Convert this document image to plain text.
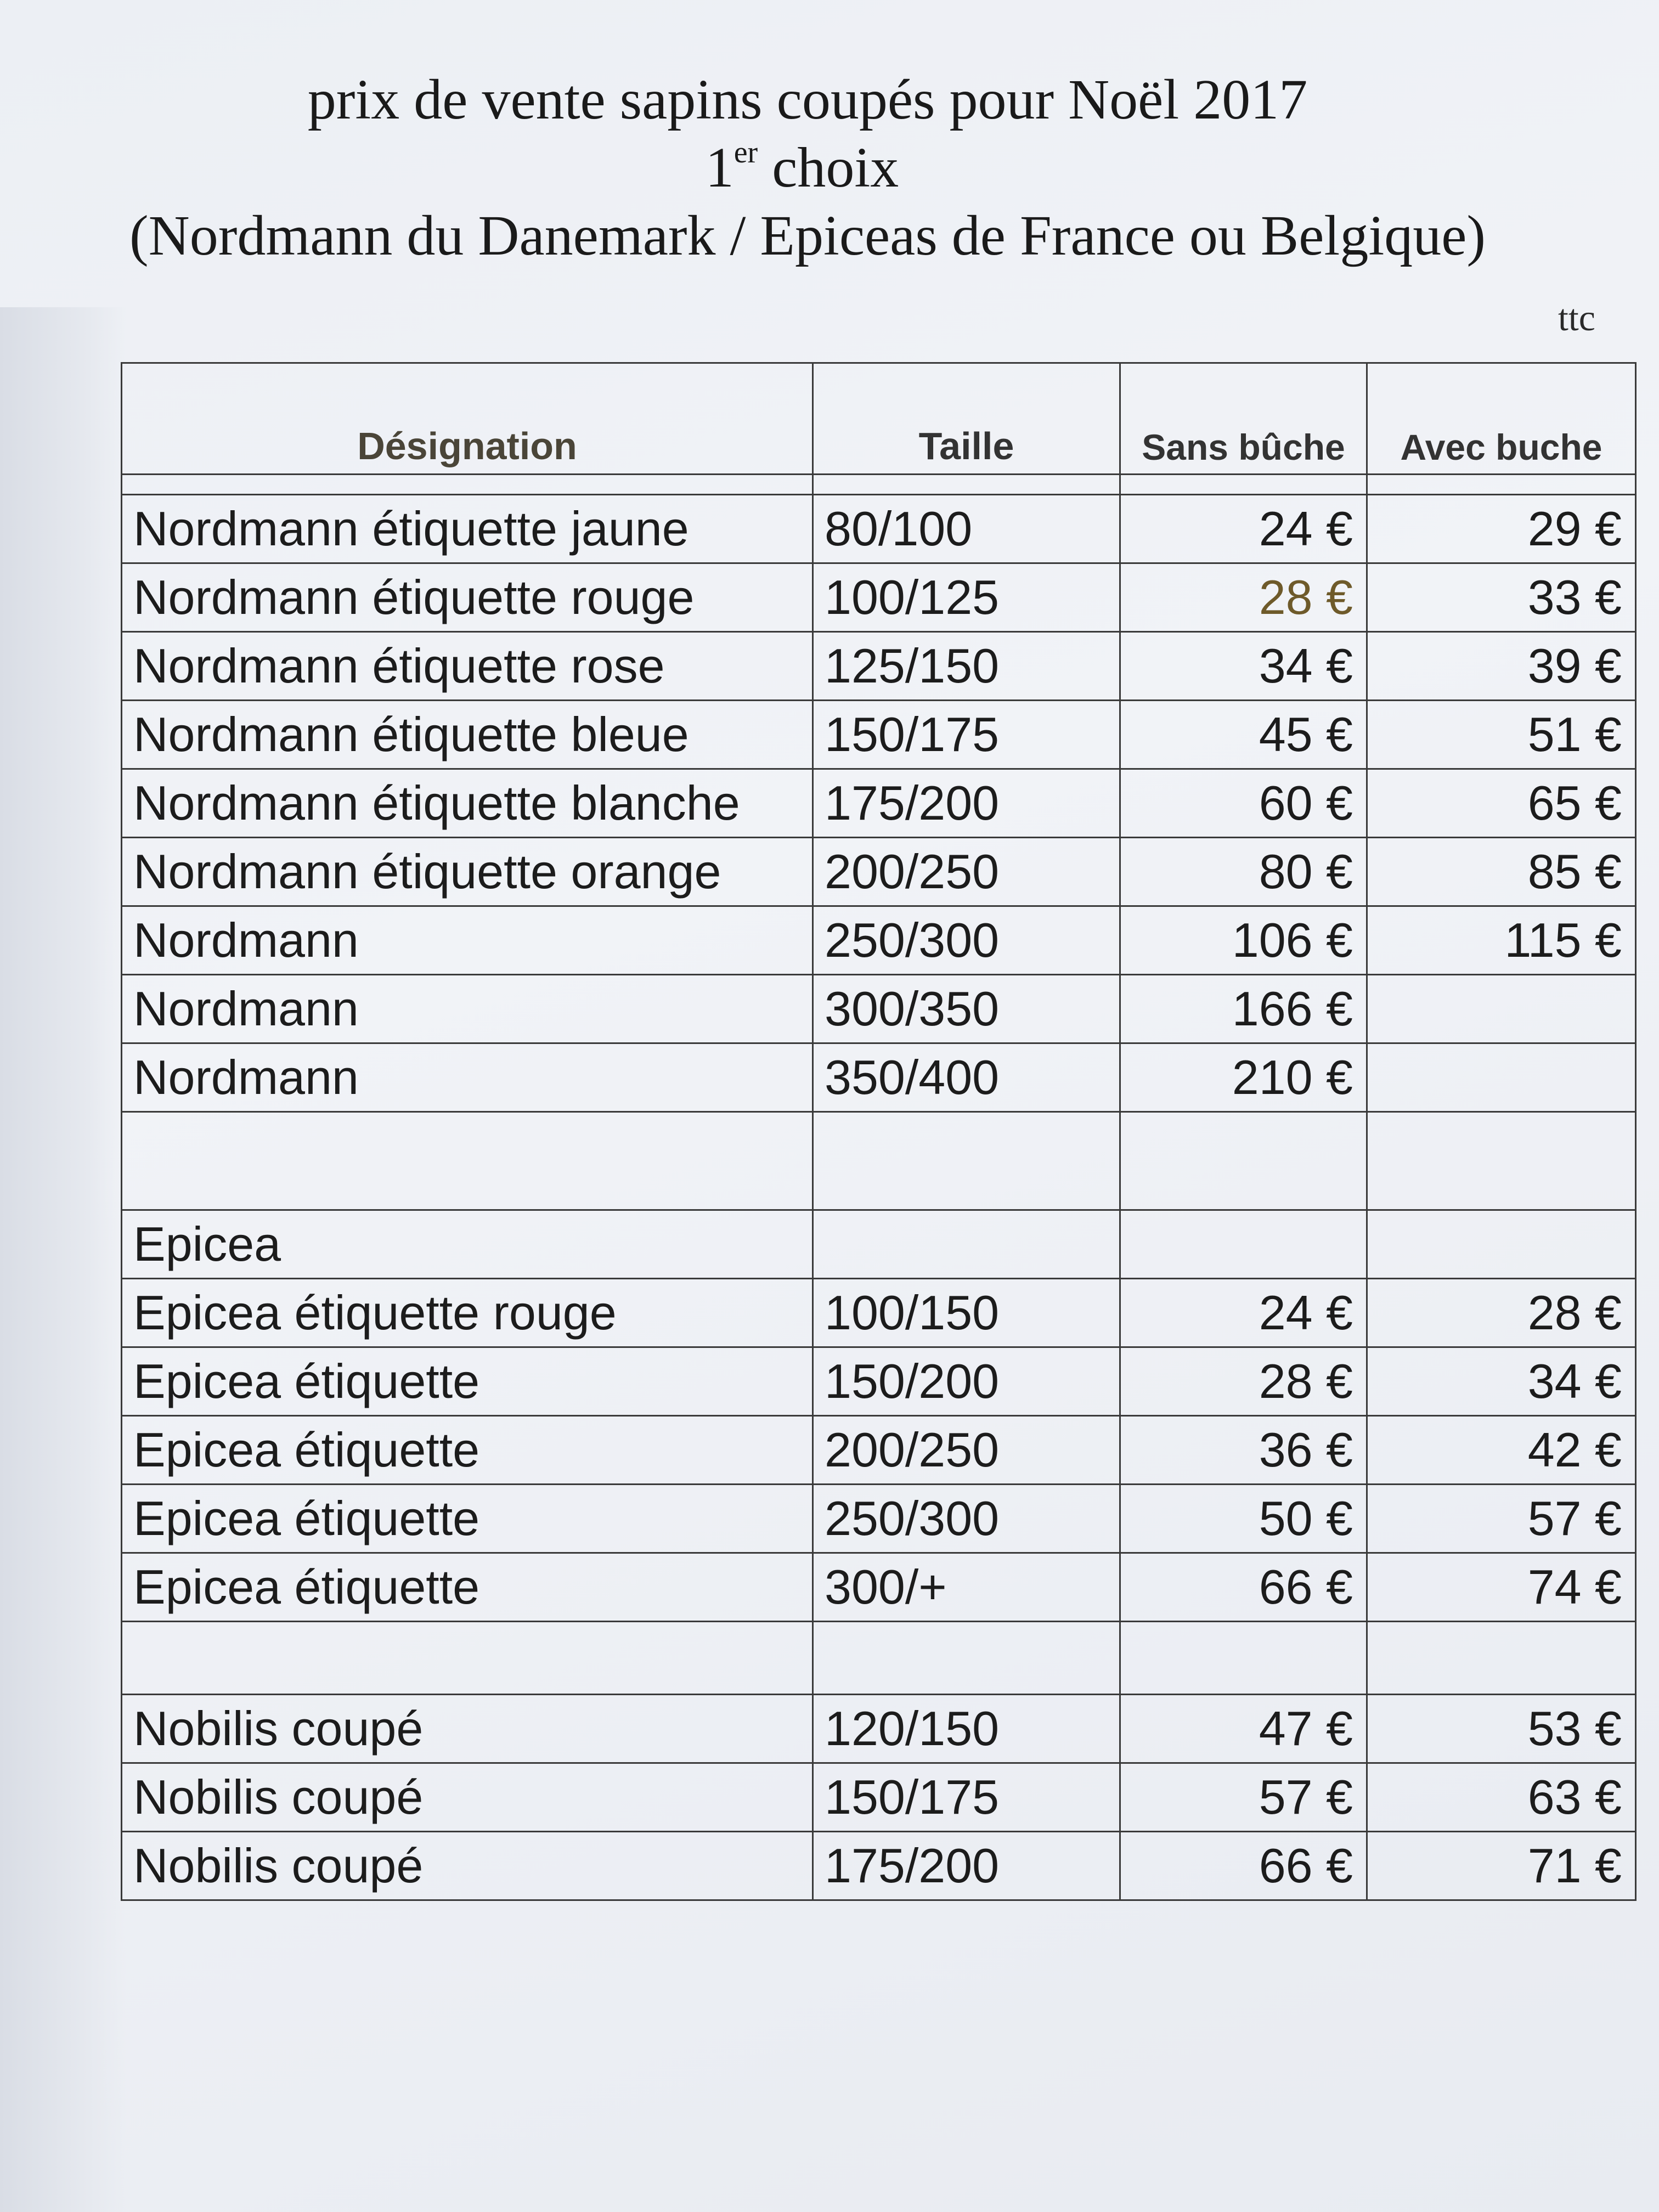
prix de vente sapins coupés pour Noël 2017
1er choix
(Nordmann du Danemark / Epiceas de France ou Belgique)
ttc
Désignation	Taille	Sans bûche	Avec buche

Nordmann étiquette jaune	80/100	24 €	29 €
Nordmann étiquette rouge	100/125	28 €	33 €
Nordmann étiquette rose	125/150	34 €	39 €
Nordmann étiquette bleue	150/175	45 €	51 €
Nordmann étiquette blanche	175/200	60 €	65 €
Nordmann étiquette orange	200/250	80 €	85 €
Nordmann	250/300	106 €	115 €
Nordmann	300/350	166 €	
Nordmann	350/400	210 €	

Epicea			
Epicea étiquette rouge	100/150	24 €	28 €
Epicea étiquette	150/200	28 €	34 €
Epicea étiquette	200/250	36 €	42 €
Epicea étiquette	250/300	50 €	57 €
Epicea étiquette	300/+	66 €	74 €

Nobilis coupé	120/150	47 €	53 €
Nobilis coupé	150/175	57 €	63 €
Nobilis coupé	175/200	66 €	71 €
